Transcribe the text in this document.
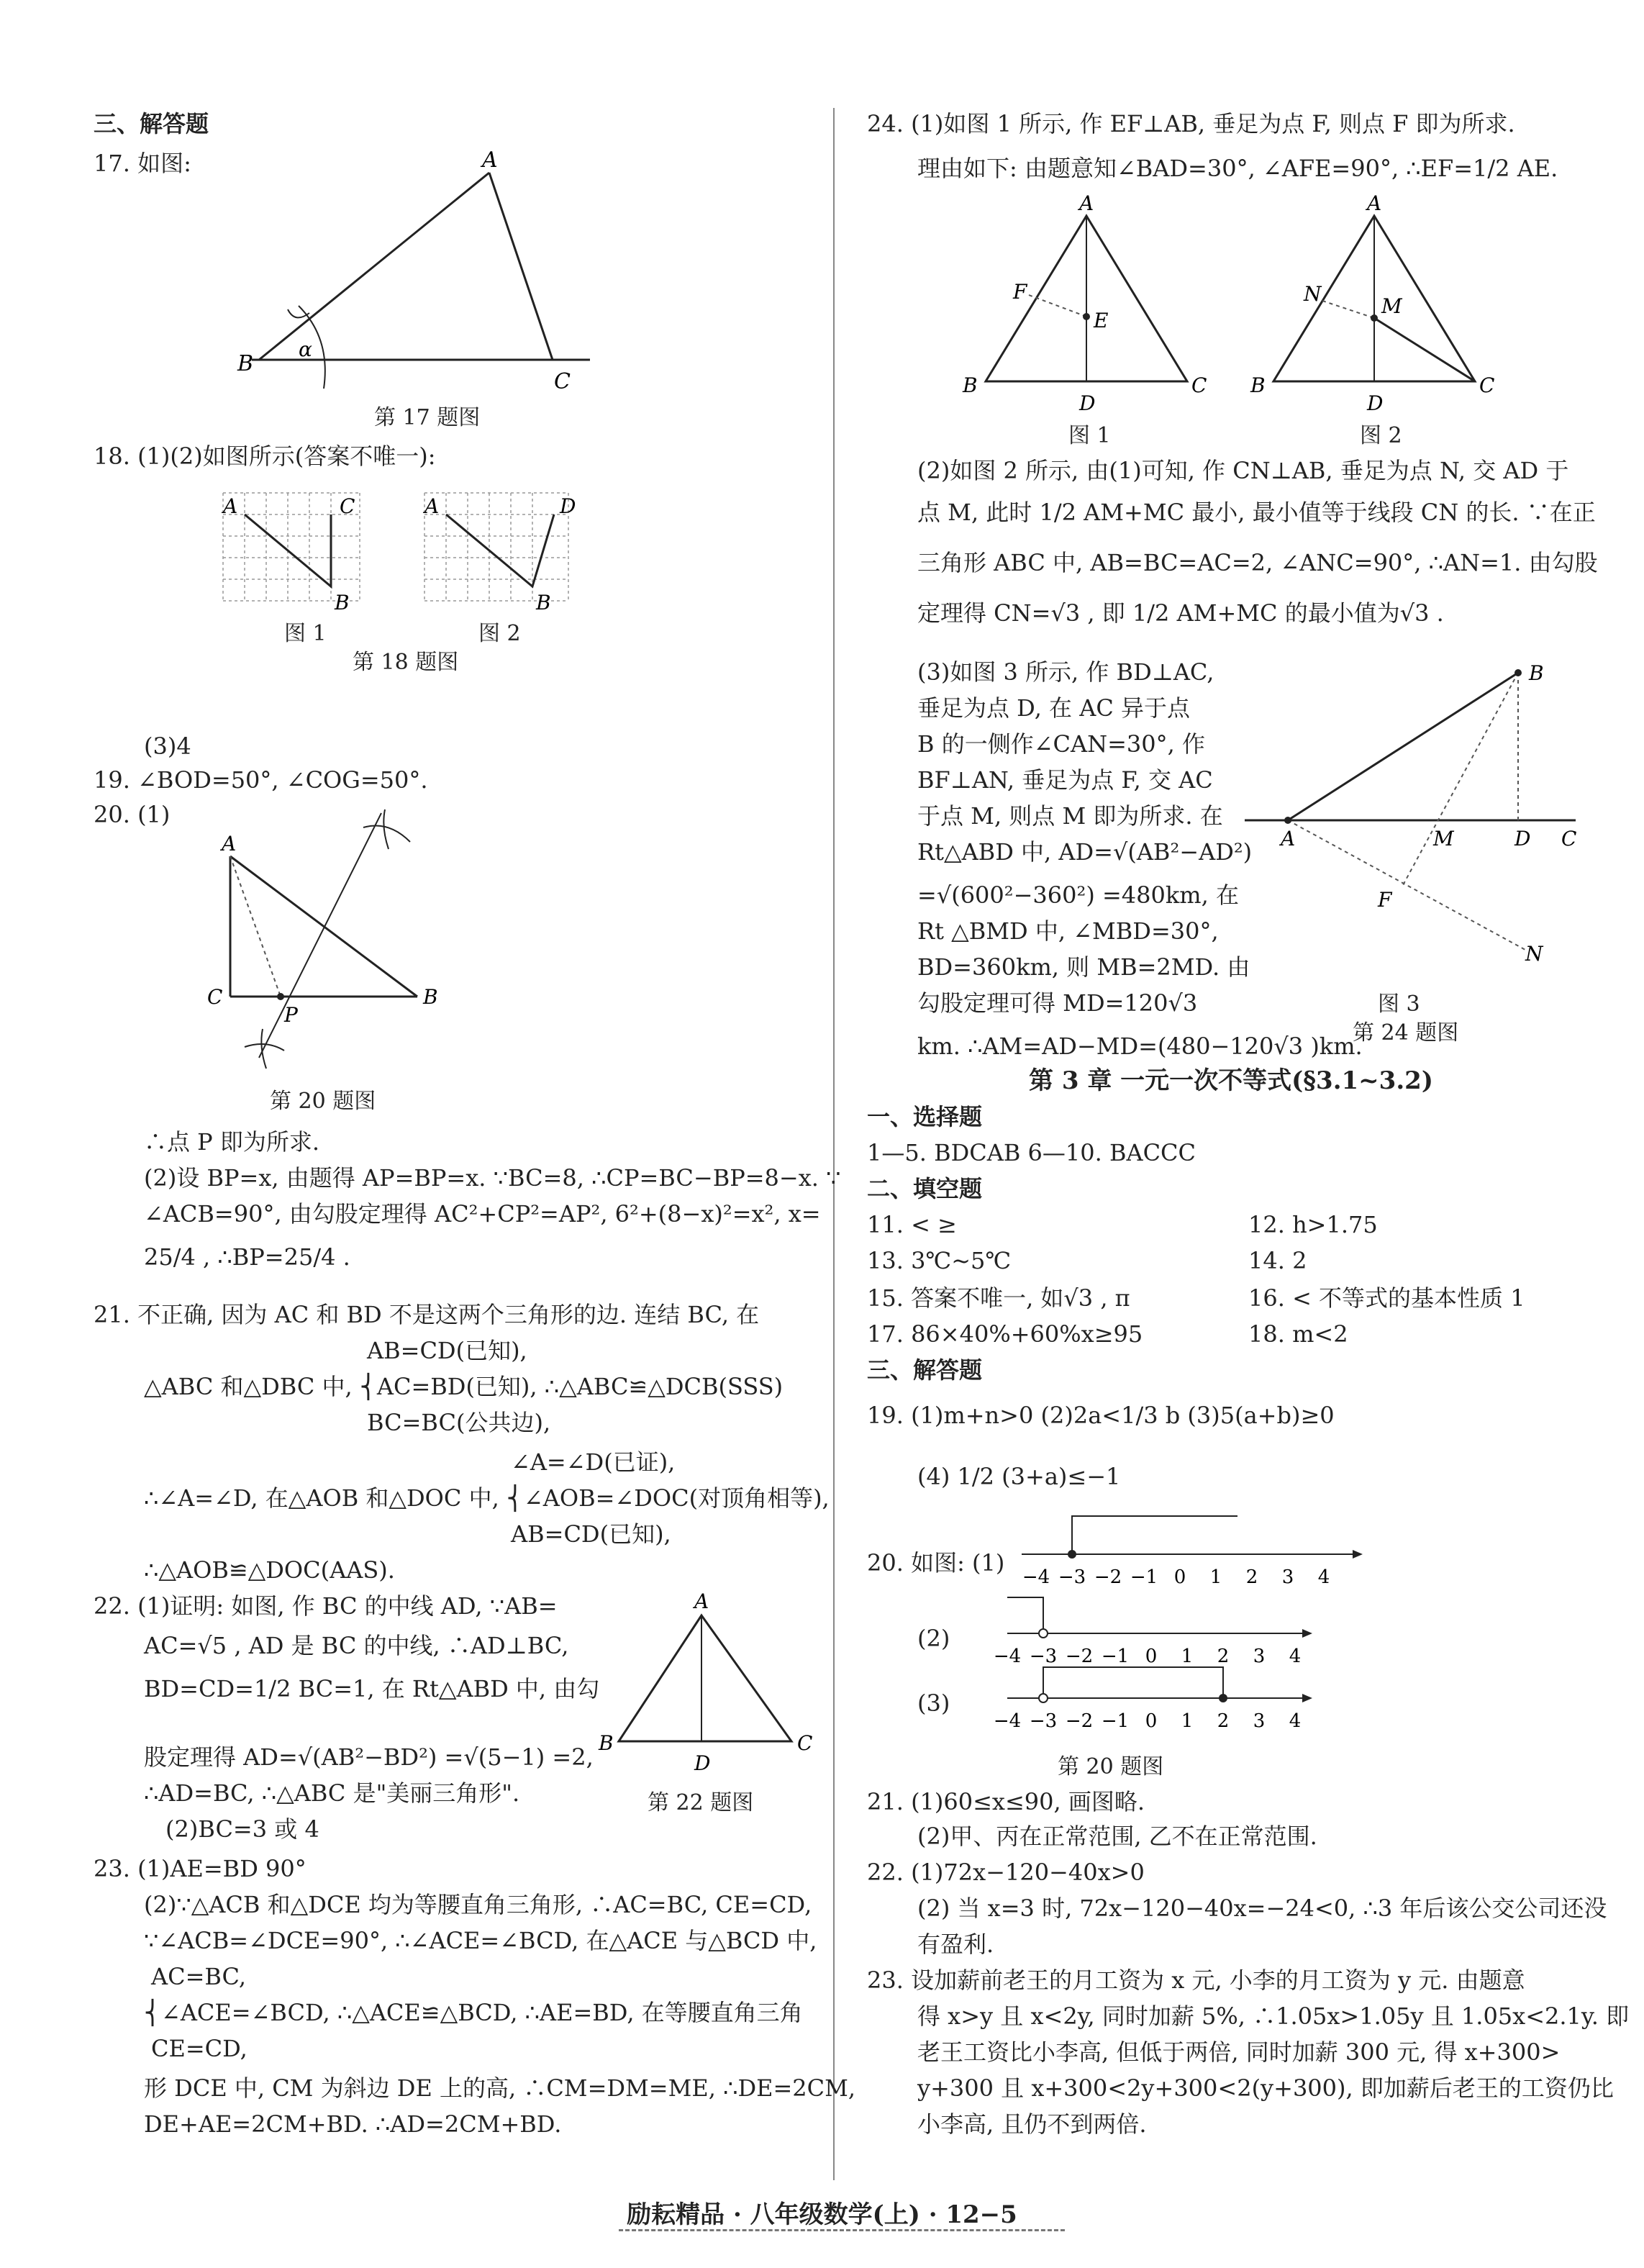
三、解答题
17. 如图:
B
A
C
α
第 17 题图
18. (1)(2)如图所示(答案不唯一):
A	C
B
A	D
B
图 1	图 2
第 18 题图
(3)4
19. ∠BOD=50°, ∠COG=50°.
20. (1)
A
C	B
P
第 20 题图
∴点 P 即为所求.
(2)设 BP=x, 由题得 AP=BP=x. ∵BC=8, ∴CP=BC−BP=8−x. ∵
∠ACB=90°, 由勾股定理得 AC²+CP²=AP², 6²+(8−x)²=x², x=
25/4 , ∴BP=25/4 .
21. 不正确, 因为 AC 和 BD 不是这两个三角形的边. 连结 BC, 在
AB=CD(已知),
△ABC 和△DBC 中, ⎨AC=BD(已知), ∴△ABC≌△DCB(SSS)
BC=BC(公共边),
∠A=∠D(已证),
∴∠A=∠D, 在△AOB 和△DOC 中, ⎨∠AOB=∠DOC(对顶角相等),
AB=CD(已知),
∴△AOB≌△DOC(AAS).
22. (1)证明: 如图, 作 BC 的中线 AD, ∵AB=
AC=√5 , AD 是 BC 的中线, ∴AD⊥BC,
BD=CD=1/2 BC=1, 在 Rt△ABD 中, 由勾
股定理得 AD=√(AB²−BD²) =√(5−1) =2,
∴AD=BC, ∴△ABC 是"美丽三角形".
(2)BC=3 或 4
A
B	C
D
第 22 题图
23. (1)AE=BD 90°
(2)∵△ACB 和△DCE 均为等腰直角三角形, ∴AC=BC, CE=CD,
∵∠ACB=∠DCE=90°, ∴∠ACE=∠BCD, 在△ACE 与△BCD 中,
AC=BC,
⎨∠ACE=∠BCD, ∴△ACE≌△BCD, ∴AE=BD, 在等腰直角三角
CE=CD,
形 DCE 中, CM 为斜边 DE 上的高, ∴CM=DM=ME, ∴DE=2CM,
DE+AE=2CM+BD. ∴AD=2CM+BD.
24. (1)如图 1 所示, 作 EF⊥AB, 垂足为点 F, 则点 F 即为所求.
理由如下: 由题意知∠BAD=30°, ∠AFE=90°, ∴EF=1/2 AE.
A
B	C
D
E
F
A
B	C
D
M
N
图 1	图 2
(2)如图 2 所示, 由(1)可知, 作 CN⊥AB, 垂足为点 N, 交 AD 于
点 M, 此时 1/2 AM+MC 最小, 最小值等于线段 CN 的长. ∵在正
三角形 ABC 中, AB=BC=AC=2, ∠ANC=90°, ∴AN=1. 由勾股
定理得 CN=√3 , 即 1/2 AM+MC 的最小值为√3 .
(3)如图 3 所示, 作 BD⊥AC,
垂足为点 D, 在 AC 异于点
B 的一侧作∠CAN=30°, 作
BF⊥AN, 垂足为点 F, 交 AC
于点 M, 则点 M 即为所求. 在
Rt△ABD 中, AD=√(AB²−AD²)
=√(600²−360²) =480km, 在
Rt △BMD 中, ∠MBD=30°,
BD=360km, 则 MB=2MD. 由
勾股定理可得 MD=120√3
km. ∴AM=AD−MD=(480−120√3 )km.
A
B
C
D
M
F
N
图 3
第 24 题图
第 3 章 一元一次不等式(§3.1~3.2)
一、选择题
1—5. BDCAB 6—10. BACCC
二、填空题
11. < ≥	12. h>1.75
13. 3℃~5℃	14. 2
15. 答案不唯一, 如√3 , π	16. < 不等式的基本性质 1
17. 86×40%+60%x≥95	18. m<2
三、解答题
19. (1)m+n>0 (2)2a<1/3 b (3)5(a+b)≥0
(4) 1/2 (3+a)≤−1
20. 如图: (1)
(2)
(3)
−4 −3 −2 −1 0 1 2 3 4
−4 −3 −2 −1 0 1 2 3 4
−4 −3 −2 −1 0 1 2 3 4
第 20 题图
21. (1)60≤x≤90, 画图略.
(2)甲、丙在正常范围, 乙不在正常范围.
22. (1)72x−120−40x>0
(2) 当 x=3 时, 72x−120−40x=−24<0, ∴3 年后该公交公司还没
有盈利.
23. 设加薪前老王的月工资为 x 元, 小李的月工资为 y 元. 由题意
得 x>y 且 x<2y, 同时加薪 5%, ∴1.05x>1.05y 且 1.05x<2.1y. 即
老王工资比小李高, 但低于两倍, 同时加薪 300 元, 得 x+300>
y+300 且 x+300<2y+300<2(y+300), 即加薪后老王的工资仍比
小李高, 且仍不到两倍.
励耘精品 · 八年级数学(上) · 12−5
